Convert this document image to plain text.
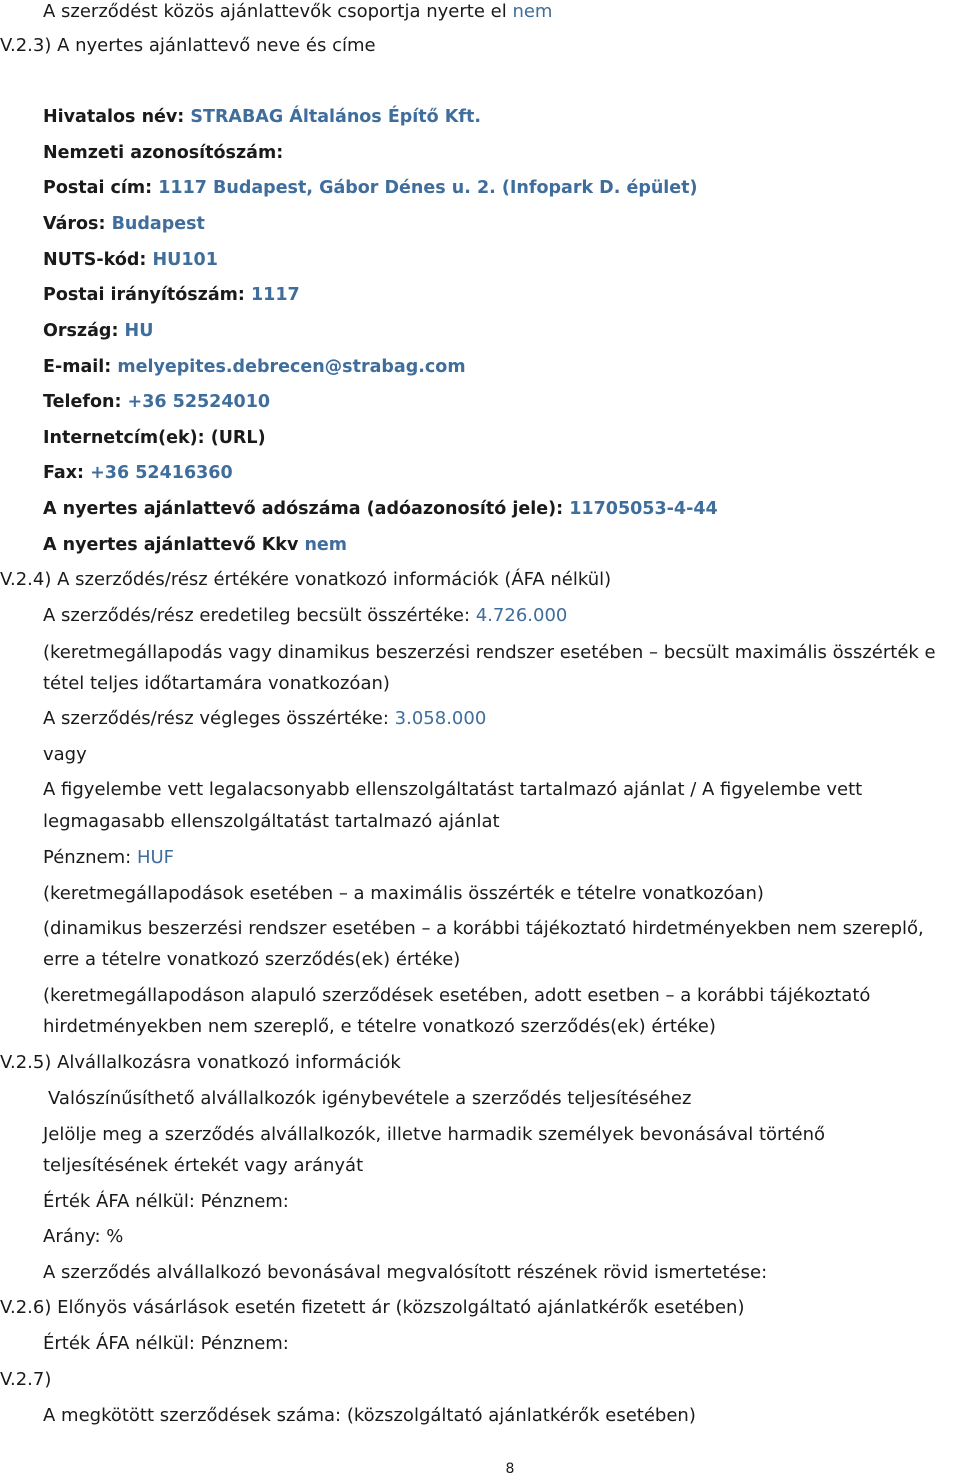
A szerződést közös ajánlattevők csoportja nyerte el nem
V.2.3) A nyertes ajánlattevő neve és címe
Hivatalos név: STRABAG Általános Építő Kft.
Nemzeti azonosítószám:
Postai cím: 1117 Budapest, Gábor Dénes u. 2. (Infopark D. épület)
Város: Budapest
NUTS-kód: HU101
Postai irányítószám: 1117
Ország: HU
E-mail: melyepites.debrecen@strabag.com
Telefon: +36 52524010
Internetcím(ek): (URL)
Fax: +36 52416360
A nyertes ajánlattevő adószáma (adóazonosító jele): 11705053-4-44
A nyertes ajánlattevő Kkv nem
V.2.4) A szerződés/rész értékére vonatkozó információk (ÁFA nélkül)
A szerződés/rész eredetileg becsült összértéke: 4.726.000
(keretmegállapodás vagy dinamikus beszerzési rendszer esetében – becsült maximális összérték e
tétel teljes időtartamára vonatkozóan)
A szerződés/rész végleges összértéke: 3.058.000
vagy
A figyelembe vett legalacsonyabb ellenszolgáltatást tartalmazó ajánlat / A figyelembe vett
legmagasabb ellenszolgáltatást tartalmazó ajánlat
Pénznem: HUF
(keretmegállapodások esetében – a maximális összérték e tételre vonatkozóan)
(dinamikus beszerzési rendszer esetében – a korábbi tájékoztató hirdetményekben nem szereplő,
erre a tételre vonatkozó szerződés(ek) értéke)
(keretmegállapodáson alapuló szerződések esetében, adott esetben – a korábbi tájékoztató
hirdetményekben nem szereplő, e tételre vonatkozó szerződés(ek) értéke)
V.2.5) Alvállalkozásra vonatkozó információk
Valószínűsíthető alvállalkozók igénybevétele a szerződés teljesítéséhez
Jelölje meg a szerződés alvállalkozók, illetve harmadik személyek bevonásával történő
teljesítésének értekét vagy arányát
Érték ÁFA nélkül: Pénznem:
Arány: %
A szerződés alvállalkozó bevonásával megvalósított részének rövid ismertetése:
V.2.6) Előnyös vásárlások esetén fizetett ár (közszolgáltató ajánlatkérők esetében)
Érték ÁFA nélkül: Pénznem:
V.2.7)
A megkötött szerződések száma: (közszolgáltató ajánlatkérők esetében)
8
